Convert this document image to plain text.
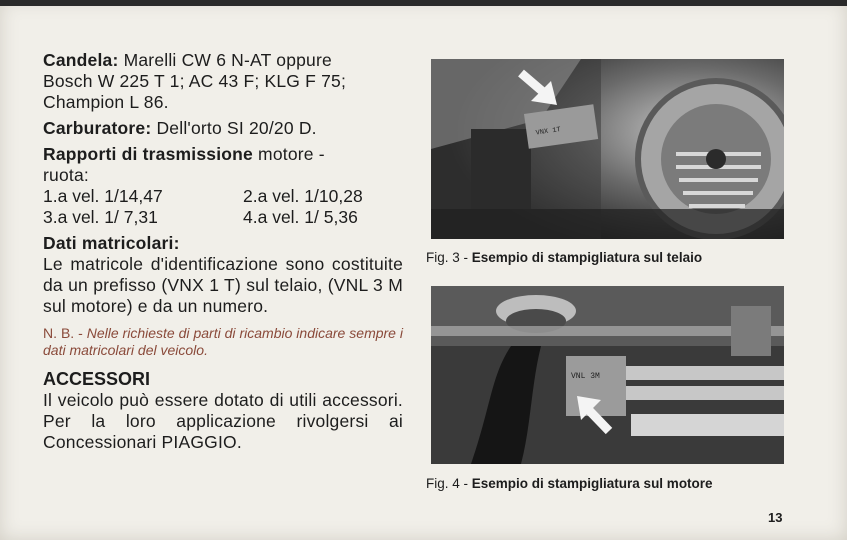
Candela: Marelli CW 6 N-AT oppure
Bosch W 225 T 1; AC 43 F; KLG F 75;
Champion L 86.
Carburatore: Dell'orto SI 20/20 D.
Rapporti di trasmissione motore -
ruota:
1.a vel. 1/14,47	2.a vel. 1/10,28
3.a vel. 1/ 7,31	4.a vel. 1/ 5,36
Dati matricolari:
Le matricole d'identificazione sono costituite da un prefisso (VNX 1 T) sul telaio, (VNL 3 M sul motore) e da un numero.
N. B. - Nelle richieste di parti di ricambio indicare sempre i dati matricolari del veicolo.
ACCESSORI
Il veicolo può essere dotato di utili accessori. Per la loro applicazione rivolgersi ai Concessionari PIAGGIO.
VNX 1T
Fig. 3 - Esempio di stampigliatura sul telaio
VNL 3M
Fig. 4 - Esempio di stampigliatura sul motore
13
